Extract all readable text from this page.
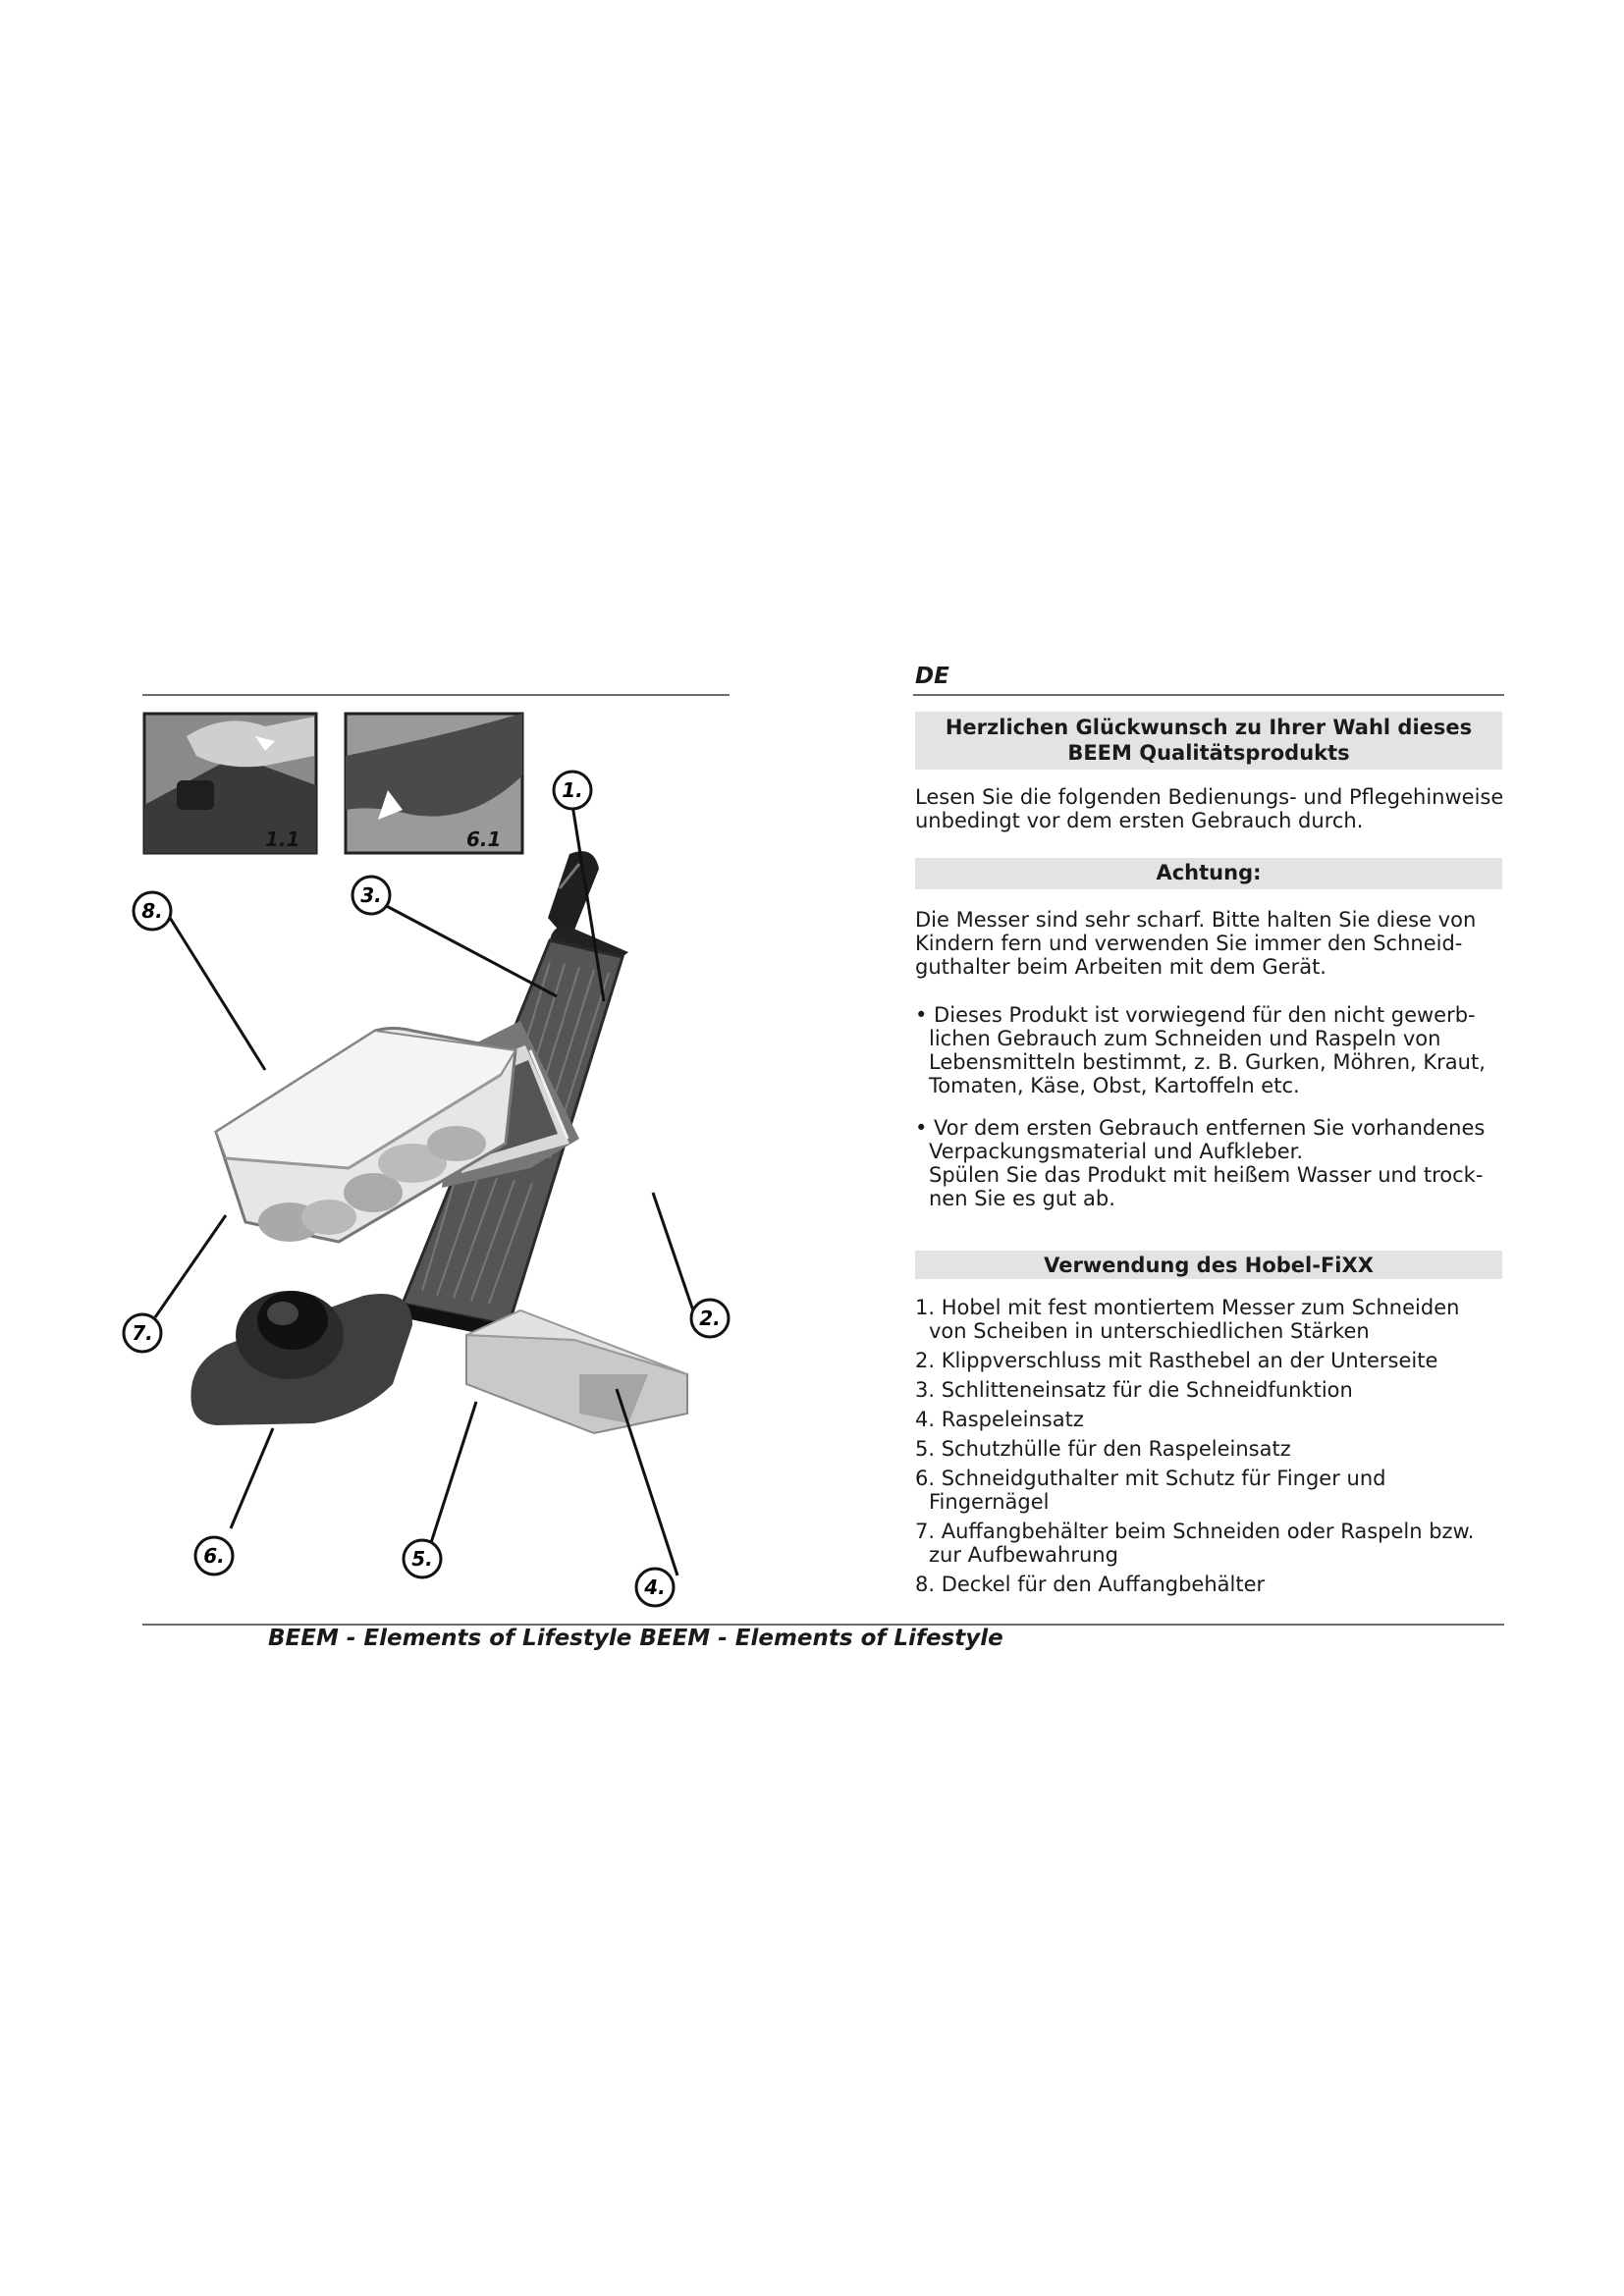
1.1	6.1
1.
3.
8.
2.
7.
6.	5.
4.
DE
Herzlichen Glückwunsch zu Ihrer Wahl dieses
BEEM Qualitätsprodukts

Lesen Sie die folgenden Bedienungs- und Pflegehinweise
unbedingt vor dem ersten Gebrauch durch.

Achtung:

Die Messer sind sehr scharf. Bitte halten Sie diese von
Kindern fern und verwenden Sie immer den Schneid-
guthalter beim Arbeiten mit dem Gerät.

• Dieses Produkt ist vorwiegend für den nicht gewerb-
lichen Gebrauch zum Schneiden und Raspeln von
Lebensmitteln bestimmt, z. B. Gurken, Möhren, Kraut,
Tomaten, Käse, Obst, Kartoffeln etc.

• Vor dem ersten Gebrauch entfernen Sie vorhandenes
Verpackungsmaterial und Aufkleber.
Spülen Sie das Produkt mit heißem Wasser und trock-
nen Sie es gut ab.

Verwendung des Hobel-FiXX
1. Hobel mit fest montiertem Messer zum Schneiden
von Scheiben in unterschiedlichen Stärken
2. Klippverschluss mit Rasthebel an der Unterseite
3. Schlitteneinsatz für die Schneidfunktion
4. Raspeleinsatz
5. Schutzhülle für den Raspeleinsatz
6. Schneidguthalter mit Schutz für Finger und
Fingernägel
7. Auffangbehälter beim Schneiden oder Raspeln bzw.
zur Aufbewahrung
8. Deckel für den Auffangbehälter
BEEM - Elements of Lifestyle BEEM - Elements of Lifestyle
